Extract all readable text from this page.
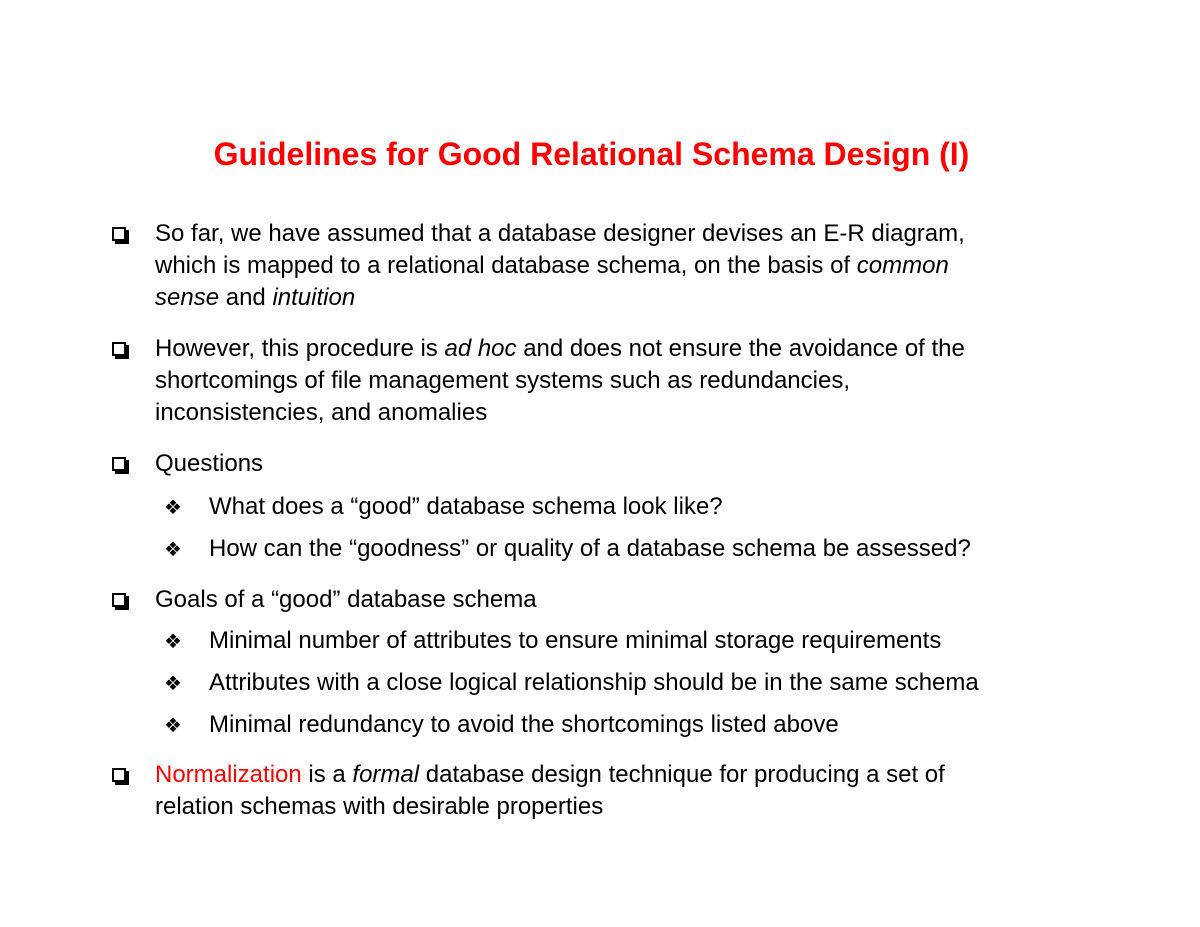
Guidelines for Good Relational Schema Design (I)
So far, we have assumed that a database designer devises an E-R diagram,
which is mapped to a relational database schema, on the basis of common
sense and intuition
However, this procedure is ad hoc and does not ensure the avoidance of the
shortcomings of file management systems such as redundancies,
inconsistencies, and anomalies
Questions
❖ What does a “good” database schema look like?
❖ How can the “goodness” or quality of a database schema be assessed?
Goals of a “good” database schema
❖ Minimal number of attributes to ensure minimal storage requirements
❖ Attributes with a close logical relationship should be in the same schema
❖ Minimal redundancy to avoid the shortcomings listed above
Normalization is a formal database design technique for producing a set of
relation schemas with desirable properties
